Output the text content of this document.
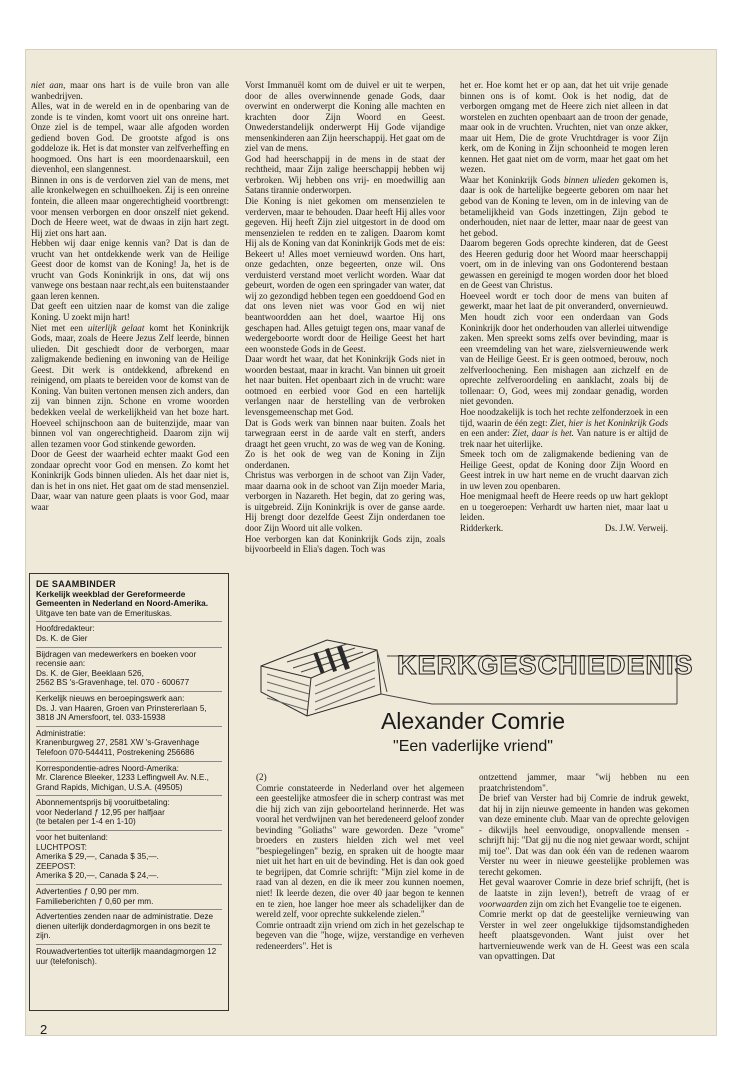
niet aan, maar ons hart is de vuile bron van alle wanbedrijven.

Alles, wat in de wereld en in de openbaring van de zonde is te vinden, komt voort uit ons onreine hart. Onze ziel is de tempel, waar alle afgoden worden gediend boven God. De grootste afgod is ons goddeloze ik. Het is dat monster van zelfverheffing en hoogmoed. Ons hart is een moordenaarskuil, een dievenhol, een slangennest.

Binnen in ons is de verdorven ziel van de mens, met alle kronkelwegen en schuilhoeken. Zij is een onreine fontein, die alleen maar ongerechtigheid voortbrengt: voor mensen verborgen en door onszelf niet gekend. Doch de Heere weet, wat de dwaas in zijn hart zegt. Hij ziet ons hart aan.

Hebben wij daar enige kennis van? Dat is dan de vrucht van het ontdekkende werk van de Heilige Geest door de komst van de Koning! Ja, het is de vrucht van Gods Koninkrijk in ons, dat wij ons vanwege ons bestaan naar recht,als een buitenstaander gaan leren kennen.

Dat geeft een uitzien naar de komst van die zalige Koning. U zoekt mijn hart!

Niet met een uiterlijk gelaat komt het Koninkrijk Gods, maar, zoals de Heere Jezus Zelf leerde, binnen ulieden. Dit geschiedt door de verborgen, maar zaligmakende bediening en inwoning van de Heilige Geest. Dit werk is ontdekkend, afbrekend en reinigend, om plaats te bereiden voor de komst van de Koning. Van buiten vertonen mensen zich anders, dan zij van binnen zijn. Schone en vrome woorden bedekken veelal de werkelijkheid van het boze hart. Hoeveel schijnschoon aan de buitenzijde, maar van binnen vol van ongerechtigheid. Daarom zijn wij allen tezamen voor God stinkende geworden.

Door de Geest der waarheid echter maakt God een zondaar oprecht voor God en mensen. Zo komt het Koninkrijk Gods binnen ulieden. Als het daar niet is, dan is het in ons niet. Het gaat om de stad mensenziel. Daar, waar van nature geen plaats is voor God, maar waar

Vorst Immanuël komt om de duivel er uit te werpen, door de alles overwinnende genade Gods, daar overwint en onderwerpt die Koning alle machten en krachten door Zijn Woord en Geest. Onwederstandelijk onderwerpt Hij Gode vijandige mensenkinderen aan Zijn heerschappij. Het gaat om de ziel van de mens.

God had heerschappij in de mens in de staat der rechtheid, maar Zijn zalige heerschappij hebben wij verbroken. Wij hebben ons vrij- en moedwillig aan Satans tirannie onderworpen.

Die Koning is niet gekomen om mensenzielen te verderven, maar te behouden. Daar heeft Hij alles voor gegeven. Hij heeft Zijn ziel uitgestort in de dood om mensenzielen te redden en te zaligen. Daarom komt Hij als de Koning van dat Koninkrijk Gods met de eis: Bekeert u! Alles moet vernieuwd worden. Ons hart, onze gedachten, onze begeerten, onze wil. Ons verduisterd verstand moet verlicht worden. Waar dat gebeurt, worden de ogen een springader van water, dat wij zo gezondigd hebben tegen een goeddoend God en dat ons leven niet was voor God en wij niet beantwoordden aan het doel, waartoe Hij ons geschapen had. Alles getuigt tegen ons, maar vanaf de wedergeboorte wordt door de Heilige Geest het hart een woonstede Gods in de Geest.

Daar wordt het waar, dat het Koninkrijk Gods niet in woorden bestaat, maar in kracht. Van binnen uit groeit het naar buiten. Het openbaart zich in de vrucht: ware ootmoed en eerbied voor God en een hartelijk verlangen naar de herstelling van de verbroken levensgemeenschap met God.

Dat is Gods werk van binnen naar buiten. Zoals het tarwegraan eerst in de aarde valt en sterft, anders draagt het geen vrucht, zo was de weg van de Koning. Zo is het ook de weg van de Koning in Zijn onderdanen.

Christus was verborgen in de schoot van Zijn Vader, maar daarna ook in de schoot van Zijn moeder Maria, verborgen in Nazareth. Het begin, dat zo gering was, is uitgebreid. Zijn Koninkrijk is over de ganse aarde. Hij brengt door dezelfde Geest Zijn onderdanen toe door Zijn Woord uit alle volken.

Hoe verborgen kan dat Koninkrijk Gods zijn, zoals bijvoorbeeld in Elia's dagen. Toch was

het er. Hoe komt het er op aan, dat het uit vrije genade binnen ons is of komt. Ook is het nodig, dat de verborgen omgang met de Heere zich niet alleen in dat worstelen en zuchten openbaart aan de troon der genade, maar ook in de vruchten. Vruchten, niet van onze akker, maar uit Hem, Die de grote Vruchtdrager is voor Zijn kerk, om de Koning in Zijn schoonheid te mogen leren kennen. Het gaat niet om de vorm, maar het gaat om het wezen.

Waar het Koninkrijk Gods binnen ulieden gekomen is, daar is ook de hartelijke begeerte geboren om naar het gebod van de Koning te leven, om in de inleving van de betamelijkheid van Gods inzettingen, Zijn gebod te onderhouden, niet naar de letter, maar naar de geest van het gebod.

Daarom begeren Gods oprechte kinderen, dat de Geest des Heeren gedurig door het Woord maar heerschappij voert, om in de inleving van ons Godonterend bestaan gewassen en gereinigd te mogen worden door het bloed en de Geest van Christus.

Hoeveel wordt er toch door de mens van buiten af gewerkt, maar het laat de pit onveranderd, onvernieuwd. Men houdt zich voor een onderdaan van Gods Koninkrijk door het onderhouden van allerlei uitwendige zaken. Men spreekt soms zelfs over bevinding, maar is een vreemdeling van het ware, zielsvernieuwende werk van de Heilige Geest. Er is geen ootmoed, berouw, noch zelfverloochening. Een mishagen aan zichzelf en de oprechte zelfveroordeling en aanklacht, zoals bij de tollenaar: O, God, wees mij zondaar genadig, worden niet gevonden.

Hoe noodzakelijk is toch het rechte zelfonderzoek in een tijd, waarin de één zegt: Ziet, hier is het Koninkrijk Gods en een ander: Ziet, daar is het. Van nature is er altijd de trek naar het uiterlijke.

Smeek toch om de zaligmakende bediening van de Heilige Geest, opdat de Koning door Zijn Woord en Geest intrek in uw hart neme en de vrucht daarvan zich in uw leven zou openbaren.

Hoe menigmaal heeft de Heere reeds op uw hart geklopt en u toegeroepen: Verhardt uw harten niet, maar laat u leiden.

Ridderkerk.	Ds. J.W. Verweij.

DE SAAMBINDER
Kerkelijk weekblad der Gereformeerde Gemeenten in Nederland en Noord-Amerika.
Uitgave ten bate van de Emerituskas.
Hoofdredakteur:
Ds. K. de Gier
Bijdragen van medewerkers en boeken voor recensie aan:
Ds. K. de Gier, Beeklaan 526,
2562 BS 's-Gravenhage, tel. 070 - 600677
Kerkelijk nieuws en beroepingswerk aan:
Ds. J. van Haaren, Groen van Prinstererlaan 5, 3818 JN Amersfoort, tel. 033-15938
Administratie:
Kranenburgweg 27, 2581 XW 's-Gravenhage
Telefoon 070-544411, Postrekening 256686
Korrespondentie-adres Noord-Amerika:
Mr. Clarence Bleeker, 1233 Leffingwell Av. N.E., Grand Rapids, Michigan, U.S.A. (49505)
Abonnementsprijs bij vooruitbetaling:
voor Nederland ƒ 12,95 per halfjaar
(te betalen per 1-4 en 1-10)
voor het buitenland:
LUCHTPOST:
Amerika $ 29,—, Canada $ 35,—.
ZEEPOST:
Amerika $ 20,—, Canada $ 24,—.
Advertenties ƒ 0,90 per mm.
Familieberichten ƒ 0,60 per mm.
Advertenties zenden naar de administratie. Deze dienen uiterlijk donderdagmorgen in ons bezit te zijn.
Rouwadvertenties tot uiterlijk maandagmorgen 12 uur (telefonisch).
KERKGESCHIEDENIS
Alexander Comrie
"Een vaderlijke vriend"

(2)

Comrie constateerde in Nederland over het algemeen een geestelijke atmosfeer die in scherp contrast was met die hij zich van zijn geboorteland herinnerde. Het was vooral het verdwijnen van het beredeneerd geloof zonder bevinding "Goliaths" ware geworden. Deze "vrome" broeders en zusters hielden zich wel met veel "bespiegelingen" bezig, en spraken uit de hoogte maar niet uit het hart en uit de bevinding. Het is dan ook goed te begrijpen, dat Comrie schrijft: "Mijn ziel kome in de raad van al dezen, en die ik meer zou kunnen noemen, niet! Ik leerde dezen, die over 40 jaar begon te kennen en te zien, hoe langer hoe meer als schadelijker dan de wereld zelf, voor oprechte sukkelende zielen."

Comrie ontraadt zijn vriend om zich in het gezelschap te begeven van die "hoge, wijze, verstandige en verheven redeneerders". Het is

ontzettend jammer, maar "wij hebben nu een praatchristendom".

De brief van Verster had bij Comrie de indruk gewekt, dat hij in zijn nieuwe gemeente in handen was gekomen van deze eminente club. Maar van de oprechte gelovigen - dikwijls heel eenvoudige, onopvallende mensen - schrijft hij: "Dat gij nu die nog niet gewaar wordt, schijnt mij toe". Dat was dan ook één van de redenen waarom Verster nu weer in nieuwe geestelijke problemen was terecht gekomen.

Het geval waarover Comrie in deze brief schrijft, (het is de laatste in zijn leven!), betreft de vraag of er voorwaarden zijn om zich het Evangelie toe te eigenen.

Comrie merkt op dat de geestelijke vernieuwing van Verster in wel zeer ongelukkige tijdsomstandigheden heeft plaatsgevonden. Want juist over het hartvernieuwende werk van de H. Geest was een scala van opvattingen. Dat

2
